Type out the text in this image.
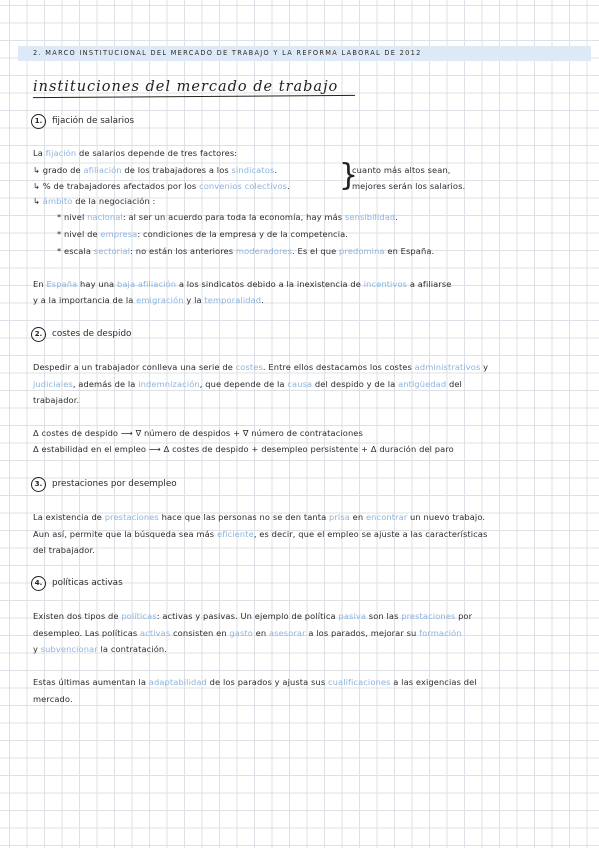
2. MARCO INSTITUCIONAL DEL MERCADO DE TRABAJO Y LA REFORMA LABORAL DE 2012
instituciones del mercado de trabajo
1.	fijación de salarios
La fijación de salarios depende de tres factores:
↳ grado de afiliación de los trabajadores a los sindicatos.
↳ % de trabajadores afectados por los convenios colectivos. }
cuanto más altos sean,
mejores serán los salarios.
↳ ámbito de la negociación :
* nivel nacional: al ser un acuerdo para toda la economía, hay más sensibilidad.
* nivel de empresa: condiciones de la empresa y de la competencia.
* escala sectorial: no están los anteriores moderadores. Es el que predomina en España.
En España hay una baja afiliación a los sindicatos debido a la inexistencia de incentivos a afiliarse
y a la importancia de la emigración y la temporalidad.
2.	costes de despido
Despedir a un trabajador conlleva una serie de costes. Entre ellos destacamos los costes administrativos y
judiciales, además de la indemnización, que depende de la causa del despido y de la antigüedad del
trabajador.
Δ costes de despido ⟶ ∇ número de despidos + ∇ número de contrataciones
Δ estabilidad en el empleo ⟶ Δ costes de despido + desempleo persistente + Δ duración del paro
3.	prestaciones por desempleo
La existencia de prestaciones hace que las personas no se den tanta prisa en encontrar un nuevo trabajo.
Aun así, permite que la búsqueda sea más eficiente, es decir, que el empleo se ajuste a las características
del trabajador.
4.	políticas activas
Existen dos tipos de políticas: activas y pasivas. Un ejemplo de política pasiva son las prestaciones por
desempleo. Las políticas activas consisten en gasto en asesorar a los parados, mejorar su formación
y subvencionar la contratación.
Estas últimas aumentan la adaptabilidad de los parados y ajusta sus cualificaciones a las exigencias del
mercado.
